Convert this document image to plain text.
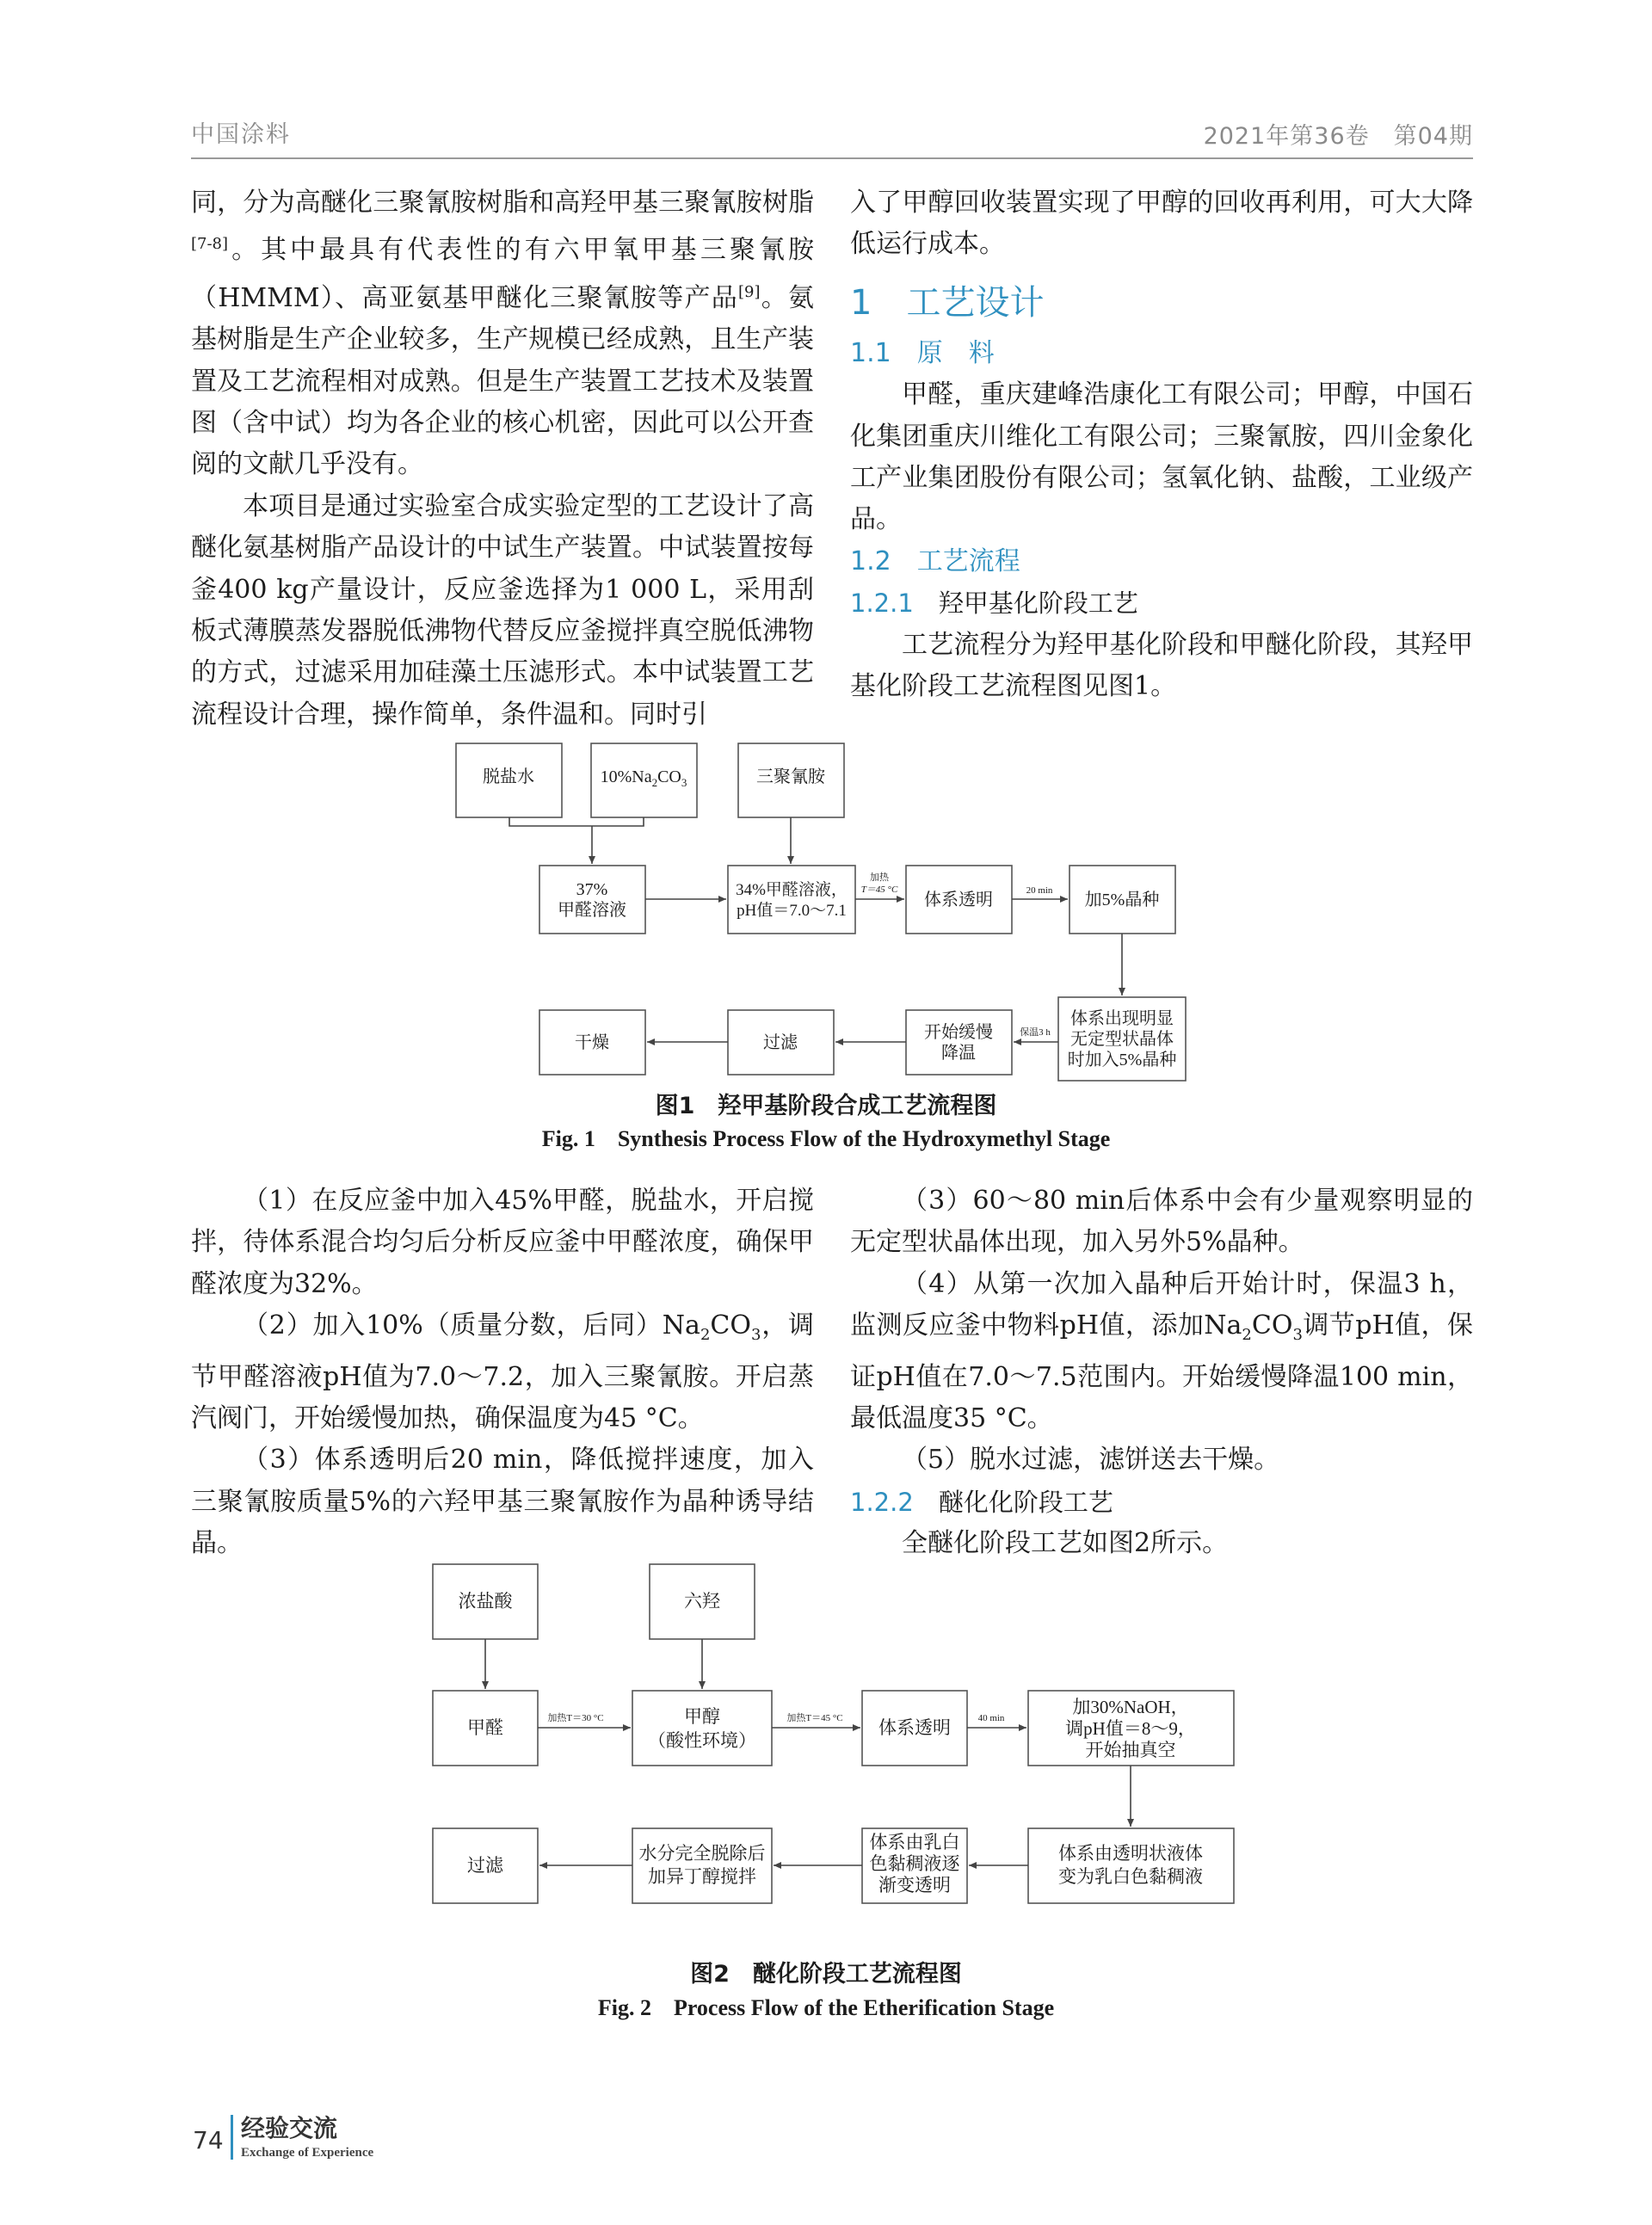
中国涂料	2021年第36卷　第04期

同，分为高醚化三聚氰胺树脂和高羟甲基三聚氰胺树脂[7-8]。其中最具有代表性的有六甲氧甲基三聚氰胺（HMMM）、高亚氨基甲醚化三聚氰胺等产品[9]。氨基树脂是生产企业较多，生产规模已经成熟，且生产装置及工艺流程相对成熟。但是生产装置工艺技术及装置图（含中试）均为各企业的核心机密，因此可以公开查阅的文献几乎没有。

本项目是通过实验室合成实验定型的工艺设计了高醚化氨基树脂产品设计的中试生产装置。中试装置按每釜400 kg产量设计，反应釜选择为1 000 L，采用刮板式薄膜蒸发器脱低沸物代替反应釜搅拌真空脱低沸物的方式，过滤采用加硅藻土压滤形式。本中试装置工艺流程设计合理，操作简单，条件温和。同时引

入了甲醇回收装置实现了甲醇的回收再利用，可大大降低运行成本。

1　工艺设计

1.1　原　料

甲醛，重庆建峰浩康化工有限公司；甲醇，中国石化集团重庆川维化工有限公司；三聚氰胺，四川金象化工产业集团股份有限公司；氢氧化钠、盐酸，工业级产品。

1.2　工艺流程

1.2.1　 羟甲基化阶段工艺

工艺流程分为羟甲基化阶段和甲醚化阶段，其羟甲基化阶段工艺流程图见图1。

脱盐水	$10\%Na_2CO_3$	三聚氰胺
37%
甲醛溶液
34%甲醛溶液，
pH值＝7.0～7.1
体系透明	加5%晶种
体系出现明显
无定型状晶体
时加入5%晶种
开始缓慢
降温
过滤
干燥
加热
T＝45 °C	20 min
保温3 h
图1　羟甲基阶段合成工艺流程图
Fig. 1　Synthesis Process Flow of the Hydroxymethyl Stage

（1）在反应釜中加入45%甲醛，脱盐水，开启搅拌，待体系混合均匀后分析反应釜中甲醛浓度，确保甲醛浓度为32%。

（2）加入10%（质量分数，后同）$Na_2CO_3$，调节甲醛溶液pH值为7.0～7.2，加入三聚氰胺。开启蒸汽阀门，开始缓慢加热，确保温度为45 °C。

（3）体系透明后20 min，降低搅拌速度，加入三聚氰胺质量5%的六羟甲基三聚氰胺作为晶种诱导结晶。

（3）60～80 min后体系中会有少量观察明显的无定型状晶体出现，加入另外5%晶种。

（4）从第一次加入晶种后开始计时，保温3 h，监测反应釜中物料pH值，添加$Na_2CO_3$调节pH值，保证pH值在7.0～7.5范围内。开始缓慢降温100 min，最低温度35 °C。

（5）脱水过滤，滤饼送去干燥。

1.2.2　 醚化化阶段工艺

全醚化阶段工艺如图2所示。

浓盐酸	六羟
甲醛
甲醇
（酸性环境）
体系透明
加30%NaOH，
调pH值＝8～9，
开始抽真空
体系由透明状液体
变为乳白色黏稠液
体系由乳白
色黏稠液逐
渐变透明
水分完全脱除后
加异丁醇搅拌
过滤
加热T＝30 °C	加热T＝45 °C	40 min
图2　醚化阶段工艺流程图
Fig. 2　Process Flow of the Etherification Stage
74 经验交流
Exchange of Experience
